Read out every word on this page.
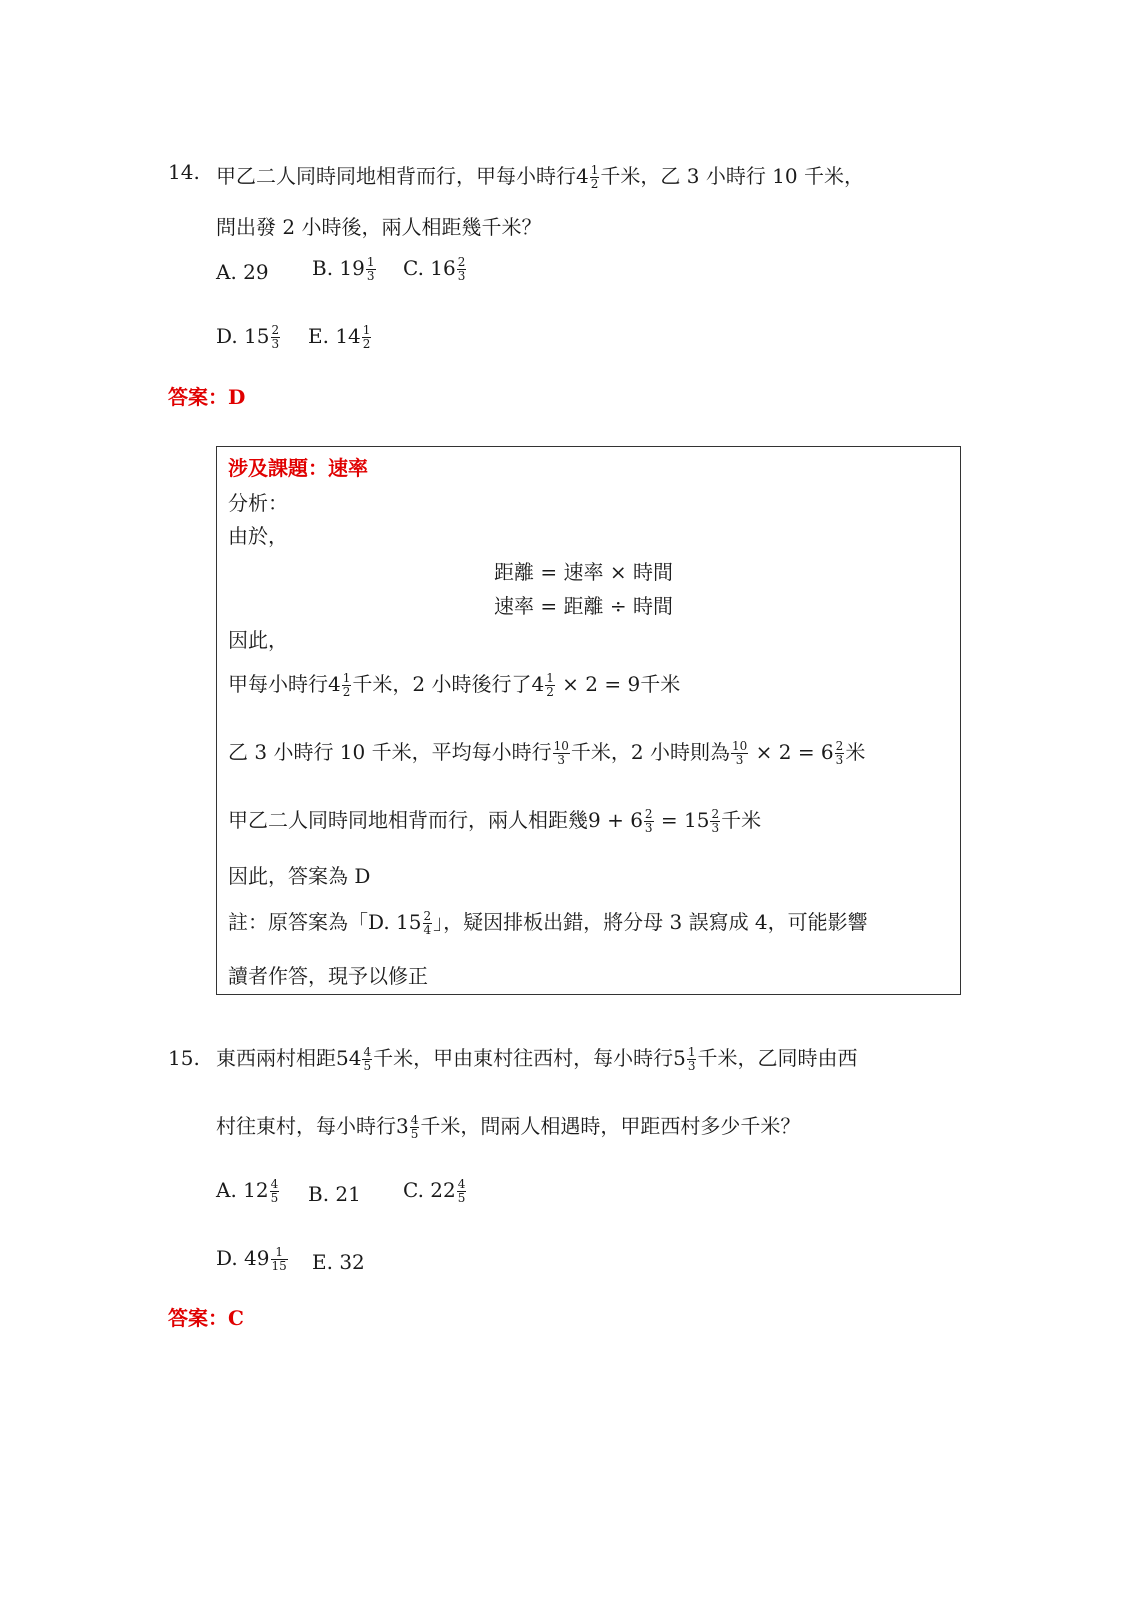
14. 甲乙二人同時同地相背而行，甲每小時行$4 \frac{1}{2}$ 千米，乙 3 小時行 10 千米，
問出發 2 小時後，兩人相距幾千米？
A. 29 B. $19 \frac{1}{3} C$. $16 \frac{2}{3}$
D. $15 \frac{2}{3} E$. $14 \frac{1}{2}$
答案：D
涉及課題：速率
分析：
由於，
距離 = 速率 × 時間
速率 = 距離 ÷ 時間
因此，
甲每小時行$4 \frac{1}{2}$ 千米，2 小時後行了$4 \frac{1}{2} \times 2 = 9$千米
乙 3 小時行 10 千米，平均每小時行 $\frac{10}{3}$ 千米，2 小時則為 $\frac{10}{3} \times 2 = 6 \frac{2}{3}$ 米
甲乙二人同時同地相背而行，兩人相距幾$9 + 6 \frac{2}{3} = 15 \frac{2}{3}$ 千米
因此，答案為 D
註：原答案為「D. $15 \frac{2}{4}$ 」，疑因排板出錯，將分母 3 誤寫成 4，可能影響
讀者作答，現予以修正
15. 東西兩村相距$54 \frac{4}{5}$ 千米，甲由東村往西村，每小時行$5 \frac{1}{3}$ 千米，乙同時由西
村往東村，每小時行$3 \frac{4}{5}$ 千米，問兩人相遇時，甲距西村多少千米？
A. $12 \frac{4}{5} B$. 21 C. $22 \frac{4}{5}$
D. $49 \frac{1}{15} E$. 32
答案：C
